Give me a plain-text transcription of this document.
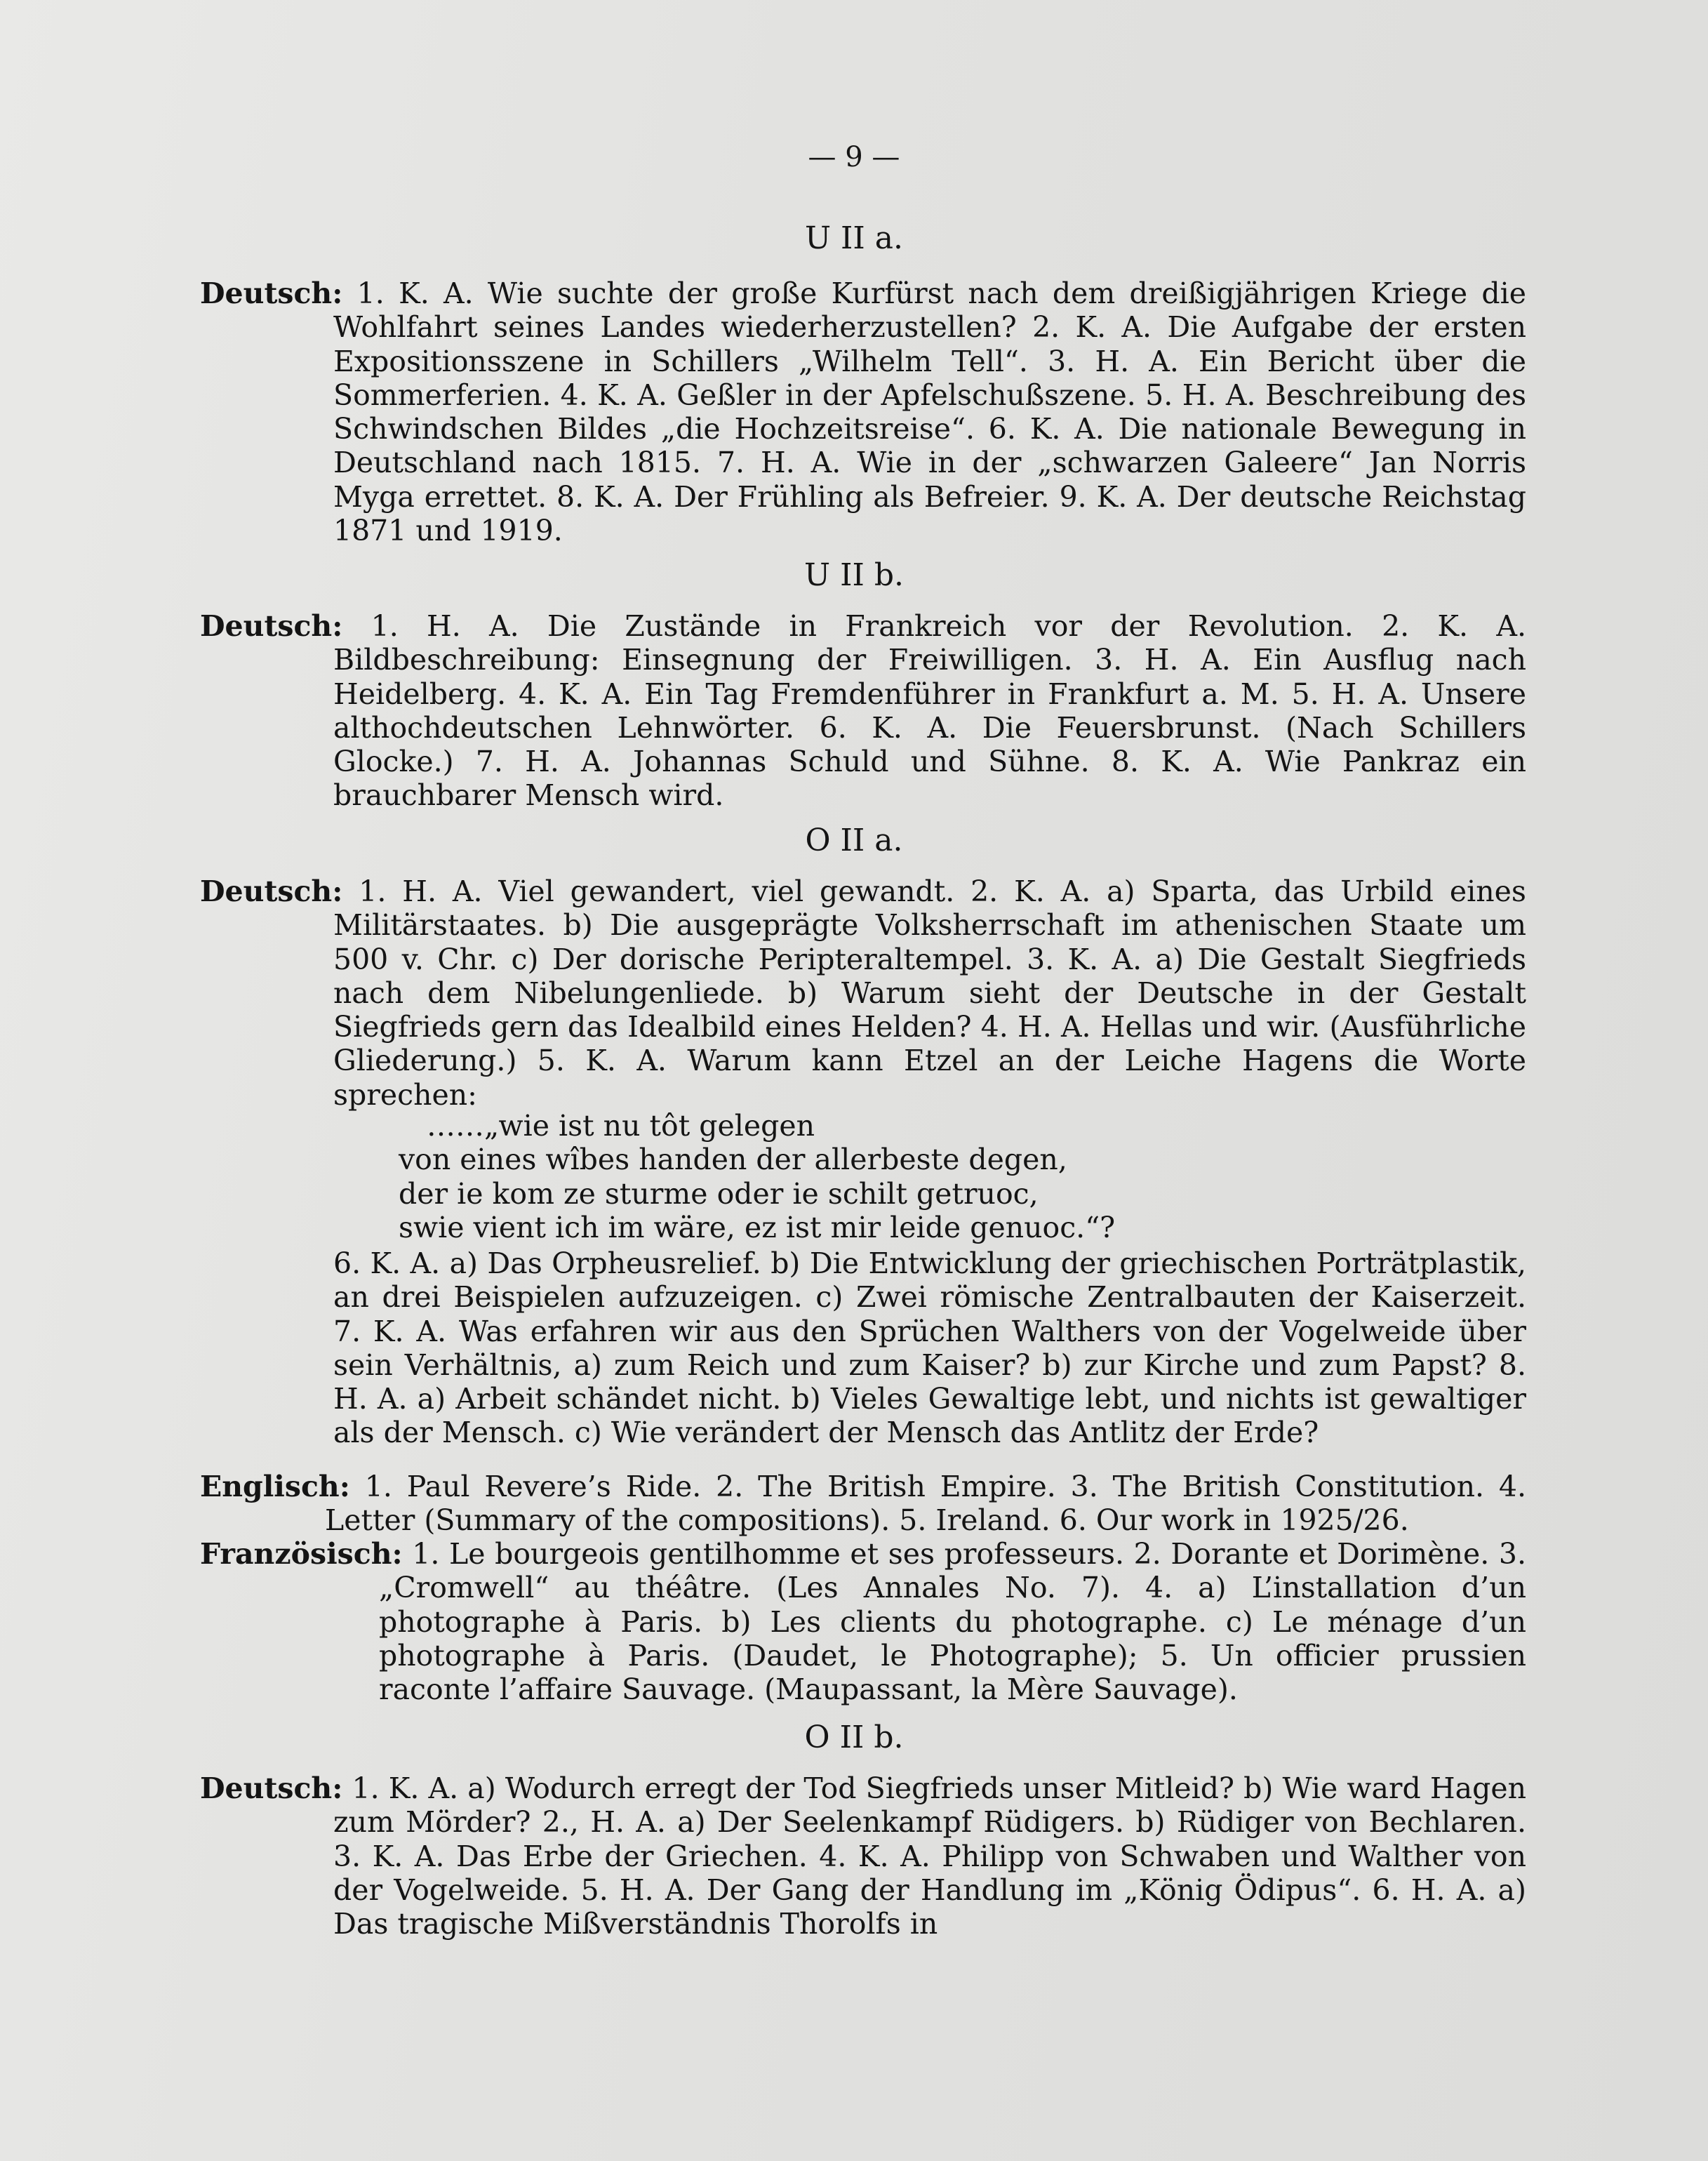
— 9 —
U II a.
Deutsch: 1. K. A. Wie suchte der große Kurfürst nach dem dreißigjährigen Kriege die Wohlfahrt seines Landes wiederherzustellen? 2. K. A. Die Aufgabe der ersten Expositionsszene in Schillers „Wilhelm Tell“. 3. H. A. Ein Bericht über die Sommerferien. 4. K. A. Geßler in der Apfelschußszene. 5. H. A. Beschreibung des Schwindschen Bildes „die Hochzeitsreise“. 6. K. A. Die nationale Bewegung in Deutschland nach 1815. 7. H. A. Wie in der „schwarzen Galeere“ Jan Norris Myga errettet. 8. K. A. Der Frühling als Befreier. 9. K. A. Der deutsche Reichstag 1871 und 1919.
U II b.
Deutsch: 1. H. A. Die Zustände in Frankreich vor der Revolution. 2. K. A. Bildbeschreibung: Einsegnung der Freiwilligen. 3. H. A. Ein Ausflug nach Heidelberg. 4. K. A. Ein Tag Fremdenführer in Frankfurt a. M. 5. H. A. Unsere althochdeutschen Lehnwörter. 6. K. A. Die Feuersbrunst. (Nach Schillers Glocke.) 7. H. A. Johannas Schuld und Sühne. 8. K. A. Wie Pankraz ein brauchbarer Mensch wird.
O II a.
Deutsch: 1. H. A. Viel gewandert, viel gewandt. 2. K. A. a) Sparta, das Urbild eines Militärstaates. b) Die ausgeprägte Volksherrschaft im athenischen Staate um 500 v. Chr. c) Der dorische Peripteraltempel. 3. K. A. a) Die Gestalt Siegfrieds nach dem Nibelungenliede. b) Warum sieht der Deutsche in der Gestalt Siegfrieds gern das Idealbild eines Helden? 4. H. A. Hellas und wir. (Ausführliche Gliederung.) 5. K. A. Warum kann Etzel an der Leiche Hagens die Worte sprechen:
……„wie ist nu tôt gelegen
von eines wîbes handen der allerbeste degen,
der ie kom ze sturme oder ie schilt getruoc,
swie vient ich im wäre, ez ist mir leide genuoc.“?
6. K. A. a) Das Orpheusrelief. b) Die Entwicklung der griechischen Porträtplastik, an drei Beispielen aufzuzeigen. c) Zwei römische Zentralbauten der Kaiserzeit. 7. K. A. Was erfahren wir aus den Sprüchen Walthers von der Vogelweide über sein Verhältnis, a) zum Reich und zum Kaiser? b) zur Kirche und zum Papst? 8. H. A. a) Arbeit schändet nicht. b) Vieles Gewaltige lebt, und nichts ist gewaltiger als der Mensch. c) Wie verändert der Mensch das Antlitz der Erde?
Englisch: 1. Paul Revere’s Ride. 2. The British Empire. 3. The British Constitution. 4. Letter (Summary of the compositions). 5. Ireland. 6. Our work in 1925/26.
Französisch: 1. Le bourgeois gentilhomme et ses professeurs. 2. Dorante et Dorimène. 3. „Cromwell“ au théâtre. (Les Annales No. 7). 4. a) L’installation d’un photographe à Paris. b) Les clients du photographe. c) Le ménage d’un photographe à Paris. (Daudet, le Photographe); 5. Un officier prussien raconte l’affaire Sauvage. (Maupassant, la Mère Sauvage).
O II b.
Deutsch: 1. K. A. a) Wodurch erregt der Tod Siegfrieds unser Mitleid? b) Wie ward Hagen zum Mörder? 2., H. A. a) Der Seelenkampf Rüdigers. b) Rüdiger von Bechlaren. 3. K. A. Das Erbe der Griechen. 4. K. A. Philipp von Schwaben und Walther von der Vogelweide. 5. H. A. Der Gang der Handlung im „König Ödipus“. 6. H. A. a) Das tragische Mißverständnis Thorolfs in
